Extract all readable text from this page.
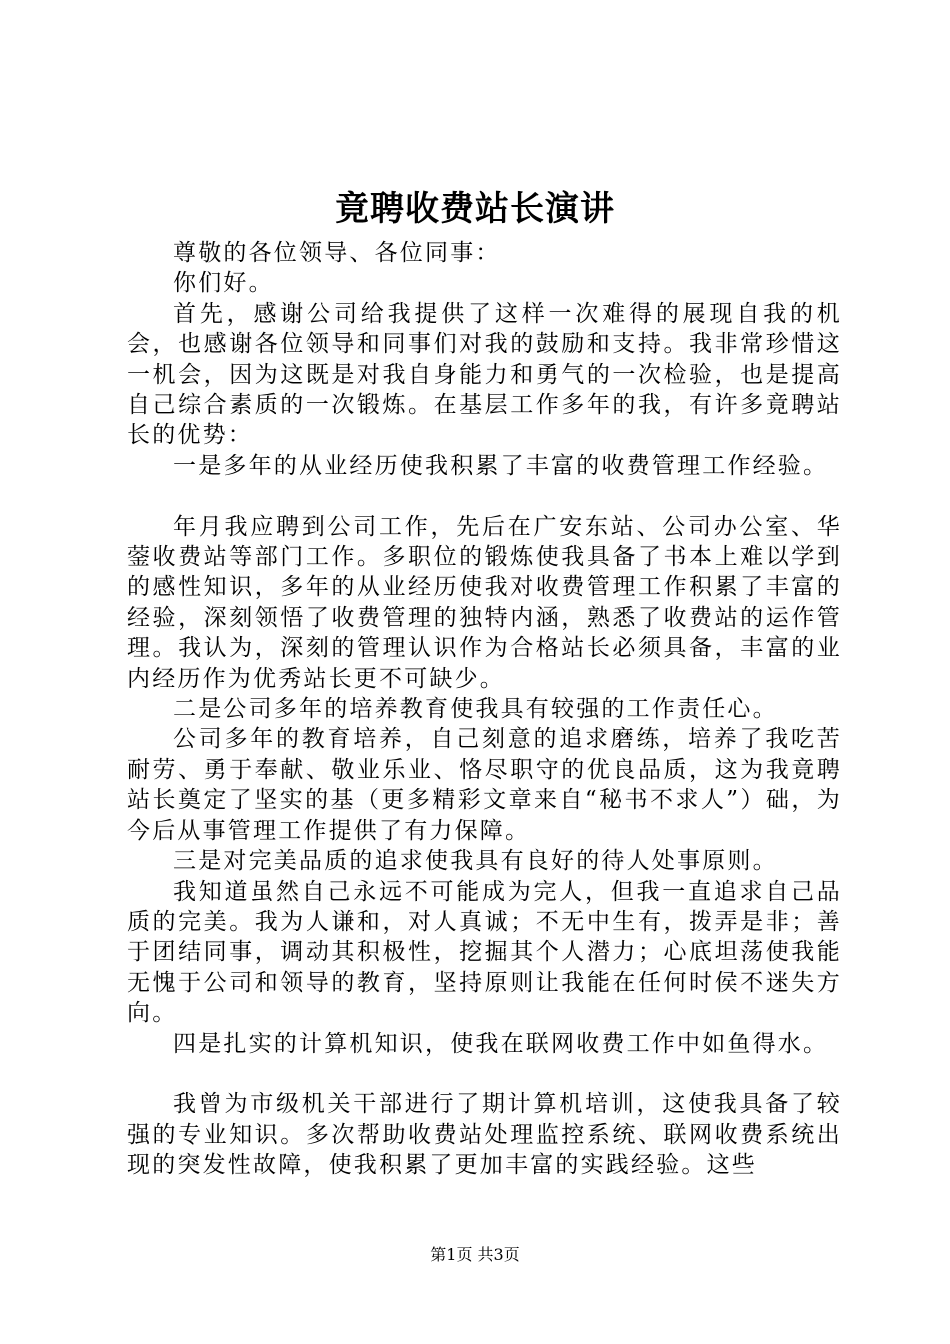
竟聘收费站长演讲

尊敬的各位领导、各位同事：

你们好。

首先，感谢公司给我提供了这样一次难得的展现自我的机会，也感谢各位领导和同事们对我的鼓励和支持。我非常珍惜这一机会，因为这既是对我自身能力和勇气的一次检验，也是提高自己综合素质的一次锻炼。在基层工作多年的我，有许多竟聘站长的优势：

一是多年的从业经历使我积累了丰富的收费管理工作经验。

年月我应聘到公司工作，先后在广安东站、公司办公室、华蓥收费站等部门工作。多职位的锻炼使我具备了书本上难以学到的感性知识，多年的从业经历使我对收费管理工作积累了丰富的经验，深刻领悟了收费管理的独特内涵，熟悉了收费站的运作管理。我认为，深刻的管理认识作为合格站长必须具备，丰富的业内经历作为优秀站长更不可缺少。

二是公司多年的培养教育使我具有较强的工作责任心。

公司多年的教育培养，自己刻意的追求磨练，培养了我吃苦耐劳、勇于奉献、敬业乐业、恪尽职守的优良品质，这为我竟聘站长奠定了坚实的基（更多精彩文章来自“秘书不求人”）础，为今后从事管理工作提供了有力保障。

三是对完美品质的追求使我具有良好的待人处事原则。

我知道虽然自己永远不可能成为完人，但我一直追求自己品质的完美。我为人谦和，对人真诚；不无中生有，拨弄是非；善于团结同事，调动其积极性，挖掘其个人潜力；心底坦荡使我能无愧于公司和领导的教育，坚持原则让我能在任何时侯不迷失方向。

四是扎实的计算机知识，使我在联网收费工作中如鱼得水。

我曾为市级机关干部进行了期计算机培训，这使我具备了较强的专业知识。多次帮助收费站处理监控系统、联网收费系统出现的突发性故障，使我积累了更加丰富的实践经验。这些

第1页 共3页
